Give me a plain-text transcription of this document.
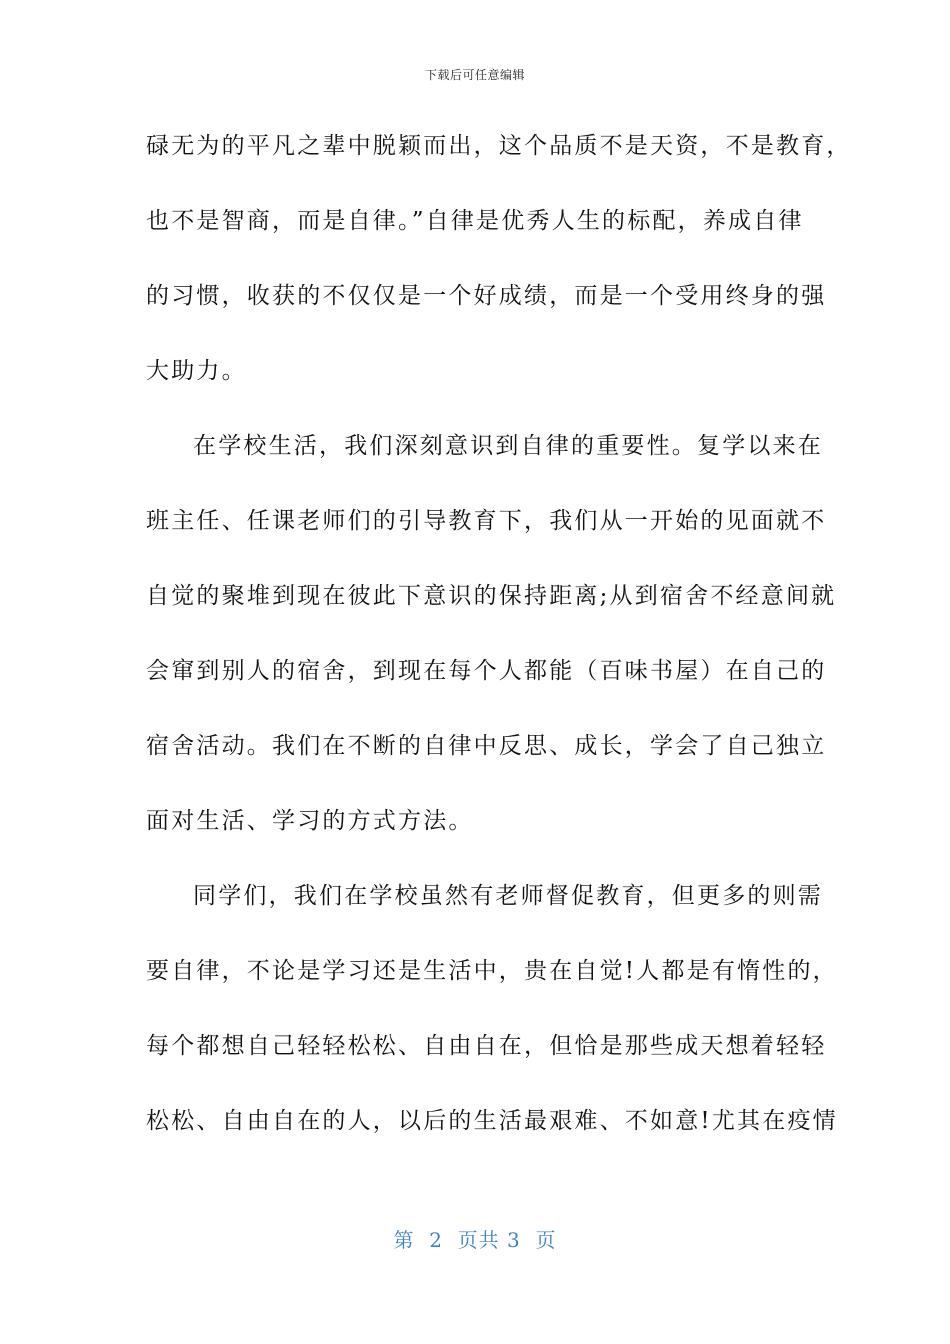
下载后可任意编辑
碌无为的平凡之辈中脱颖而出，这个品质不是天资，不是教育，
也不是智商，而是自律。”自律是优秀人生的标配，养成自律
的习惯，收获的不仅仅是一个好成绩，而是一个受用终身的强
大助力。
在学校生活，我们深刻意识到自律的重要性。复学以来在
班主任、任课老师们的引导教育下，我们从一开始的见面就不
自觉的聚堆到现在彼此下意识的保持距离;从到宿舍不经意间就
会窜到别人的宿舍，到现在每个人都能（百味书屋）在自己的
宿舍活动。我们在不断的自律中反思、成长，学会了自己独立
面对生活、学习的方式方法。
同学们，我们在学校虽然有老师督促教育，但更多的则需
要自律，不论是学习还是生活中，贵在自觉!人都是有惰性的，
每个都想自己轻轻松松、自由自在，但恰是那些成天想着轻轻
松松、自由自在的人，以后的生活最艰难、不如意!尤其在疫情
第  2  页共 3  页
